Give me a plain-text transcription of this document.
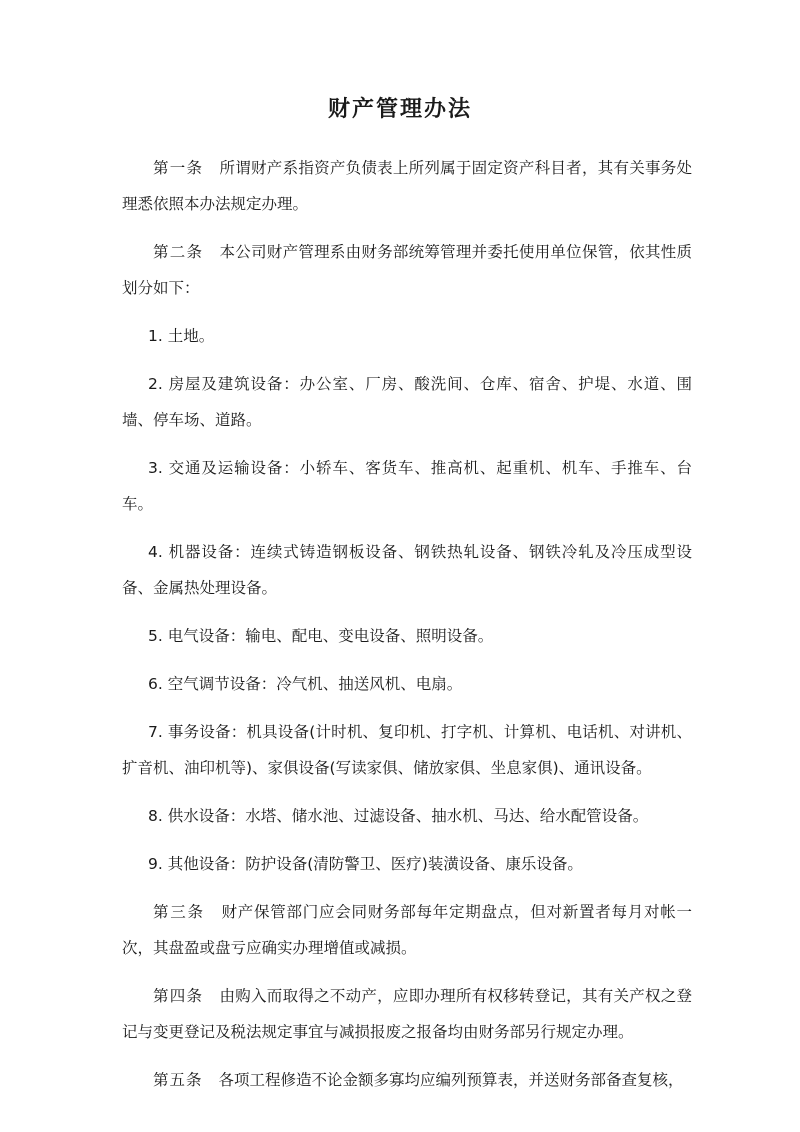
财产管理办法

第一条 所谓财产系指资产负债表上所列属于固定资产科目者，其有关事务处理悉依照本办法规定办理。

第二条 本公司财产管理系由财务部统筹管理并委托使用单位保管，依其性质划分如下：

1. 土地。

2. 房屋及建筑设备：办公室、厂房、酸洗间、仓库、宿舍、护堤、水道、围墙、停车场、道路。

3. 交通及运输设备：小轿车、客货车、推高机、起重机、机车、手推车、台车。

4. 机器设备：连续式铸造钢板设备、钢铁热轧设备、钢铁冷轧及冷压成型设备、金属热处理设备。

5. 电气设备：输电、配电、变电设备、照明设备。

6. 空气调节设备：冷气机、抽送风机、电扇。

7. 事务设备：机具设备(计时机、复印机、打字机、计算机、电话机、对讲机、扩音机、油印机等)、家俱设备(写读家俱、储放家俱、坐息家俱)、通讯设备。

8. 供水设备：水塔、储水池、过滤设备、抽水机、马达、给水配管设备。

9. 其他设备：防护设备(清防警卫、医疗)装潢设备、康乐设备。

第三条 财产保管部门应会同财务部每年定期盘点，但对新置者每月对帐一次，其盘盈或盘亏应确实办理增值或减损。

第四条 由购入而取得之不动产，应即办理所有权移转登记，其有关产权之登记与变更登记及税法规定事宜与减损报废之报备均由财务部另行规定办理。

第五条 各项工程修造不论金额多寡均应编列预算表，并送财务部备查复核，
